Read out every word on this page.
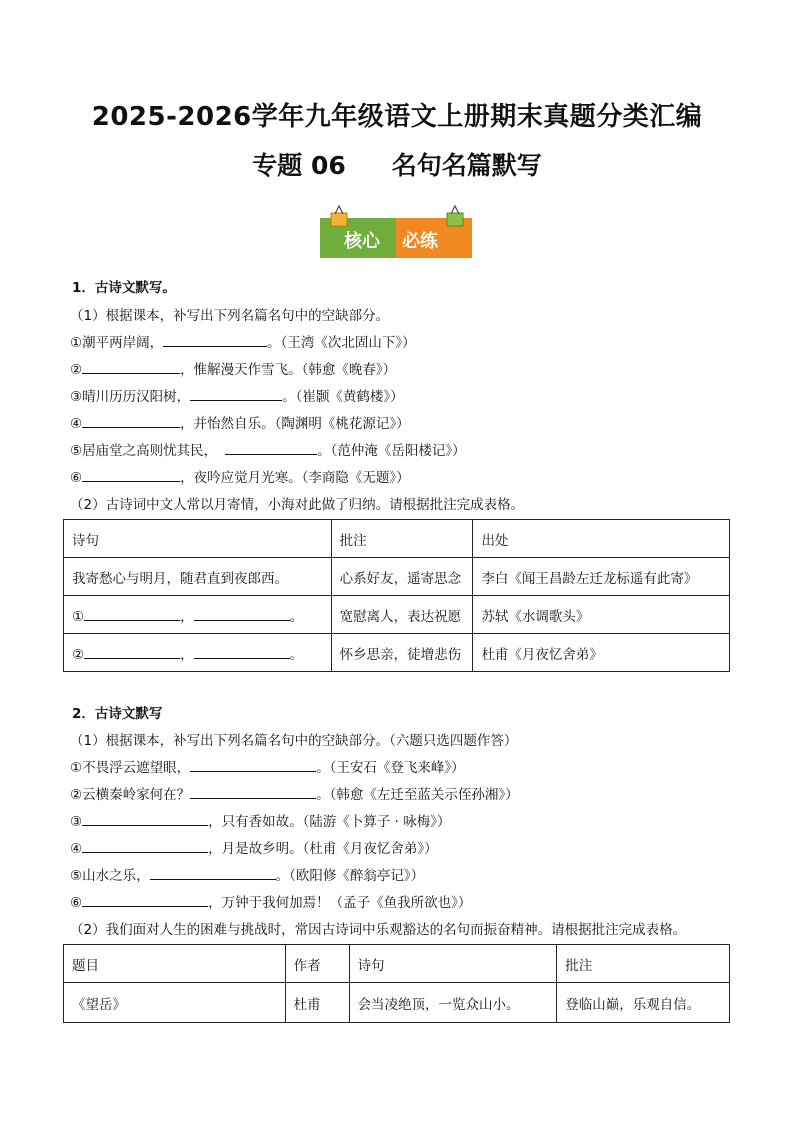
2025-2026学年九年级语文上册期末真题分类汇编
专题 06 名句名篇默写
核心 必练
1．古诗文默写。
（1）根据课本，补写出下列名篇名句中的空缺部分。
①潮平两岸阔，	。（王湾《次北固山下》）
②	，惟解漫天作雪飞。（韩愈《晚春》）
③晴川历历汉阳树，	。（崔颢《黄鹤楼》）
④	，并怡然自乐。（陶渊明《桃花源记》）
⑤居庙堂之高则忧其民，	。（范仲淹《岳阳楼记》）
⑥	，夜吟应觉月光寒。（李商隐《无题》）
（2）古诗词中文人常以月寄情，小海对此做了归纳。请根据批注完成表格。
诗句	批注	出处
我寄愁心与明月，随君直到夜郎西。	心系好友，遥寄思念	李白《闻王昌龄左迁龙标遥有此寄》
① ， 。	宽慰离人，表达祝愿	苏轼《水调歌头》
② ， 。	怀乡思亲，徒增悲伤	杜甫《月夜忆舍弟》
2．古诗文默写
（1）根据课本，补写出下列名篇名句中的空缺部分。（六题只选四题作答）
①不畏浮云遮望眼，	。（王安石《登飞来峰》）
②云横秦岭家何在？	。（韩愈《左迁至蓝关示侄孙湘》）
③	，只有香如故。（陆游《卜算子 · 咏梅》）
④	，月是故乡明。（杜甫《月夜忆舍弟》）
⑤山水之乐，	。（欧阳修《醉翁亭记》）
⑥	，万钟于我何加焉！（孟子《鱼我所欲也》）
（2）我们面对人生的困难与挑战时，常因古诗词中乐观豁达的名句而振奋精神。请根据批注完成表格。
题目	作者	诗句	批注
《望岳》	杜甫	会当凌绝顶，一览众山小。	登临山巅，乐观自信。
